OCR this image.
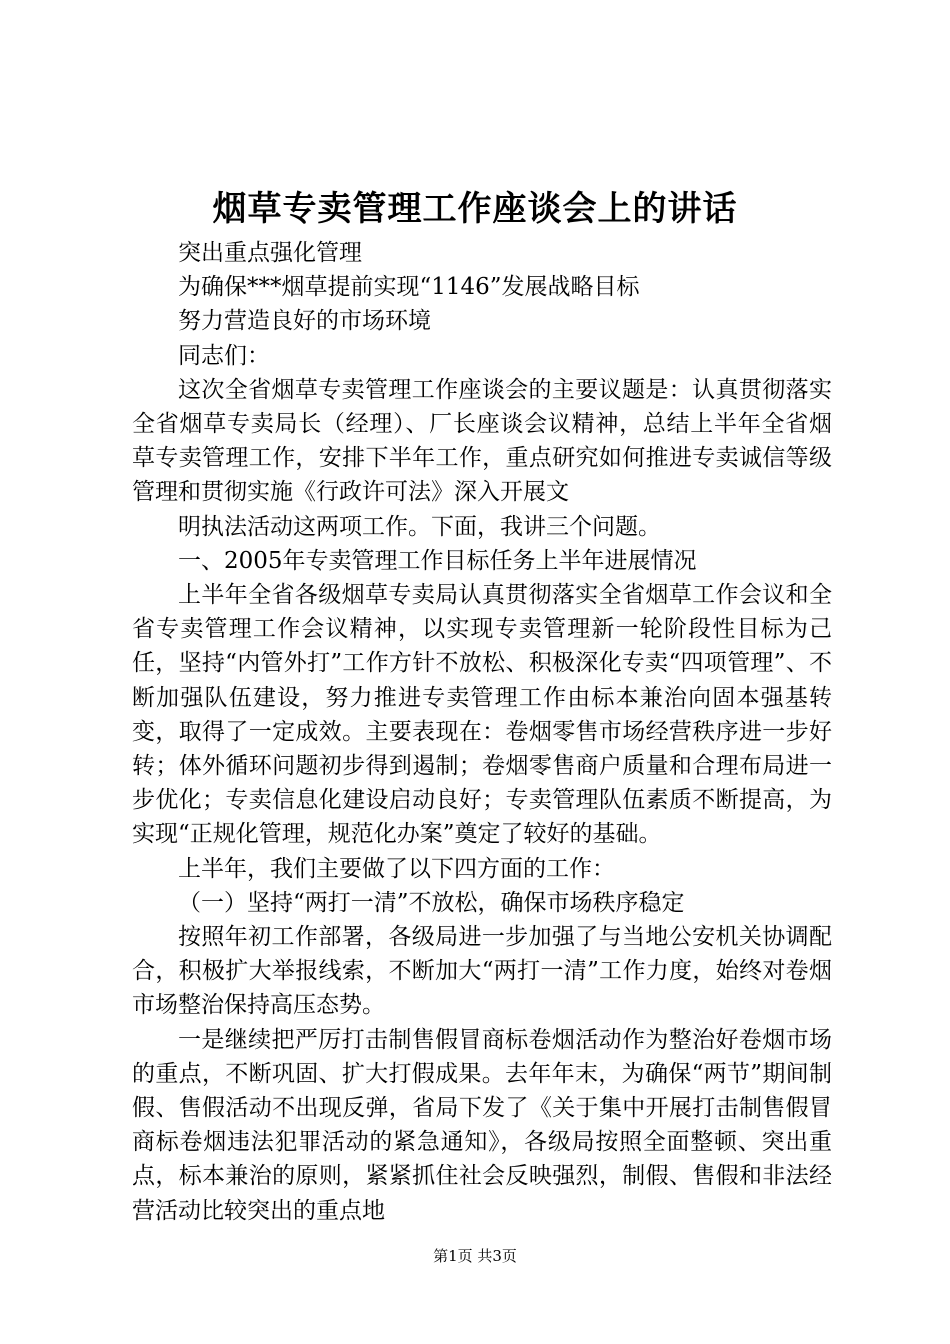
烟草专卖管理工作座谈会上的讲话

突出重点强化管理

为确保***烟草提前实现“1146”发展战略目标

努力营造良好的市场环境

同志们：

这次全省烟草专卖管理工作座谈会的主要议题是：认真贯彻落实全省烟草专卖局长（经理）、厂长座谈会议精神，总结上半年全省烟草专卖管理工作，安排下半年工作，重点研究如何推进专卖诚信等级管理和贯彻实施《行政许可法》深入开展文

明执法活动这两项工作。下面，我讲三个问题。

一、2005年专卖管理工作目标任务上半年进展情况

上半年全省各级烟草专卖局认真贯彻落实全省烟草工作会议和全省专卖管理工作会议精神，以实现专卖管理新一轮阶段性目标为己任，坚持“内管外打”工作方针不放松、积极深化专卖“四项管理”、不断加强队伍建设，努力推进专卖管理工作由标本兼治向固本强基转变，取得了一定成效。主要表现在：卷烟零售市场经营秩序进一步好转；体外循环问题初步得到遏制；卷烟零售商户质量和合理布局进一步优化；专卖信息化建设启动良好；专卖管理队伍素质不断提高，为实现“正规化管理，规范化办案”奠定了较好的基础。

上半年，我们主要做了以下四方面的工作：

（一）坚持“两打一清”不放松，确保市场秩序稳定

按照年初工作部署，各级局进一步加强了与当地公安机关协调配合，积极扩大举报线索，不断加大“两打一清”工作力度，始终对卷烟市场整治保持高压态势。

一是继续把严厉打击制售假冒商标卷烟活动作为整治好卷烟市场的重点，不断巩固、扩大打假成果。去年年末，为确保“两节”期间制假、售假活动不出现反弹，省局下发了《关于集中开展打击制售假冒商标卷烟违法犯罪活动的紧急通知》，各级局按照全面整顿、突出重点，标本兼治的原则，紧紧抓住社会反映强烈，制假、售假和非法经营活动比较突出的重点地

第1页 共3页
